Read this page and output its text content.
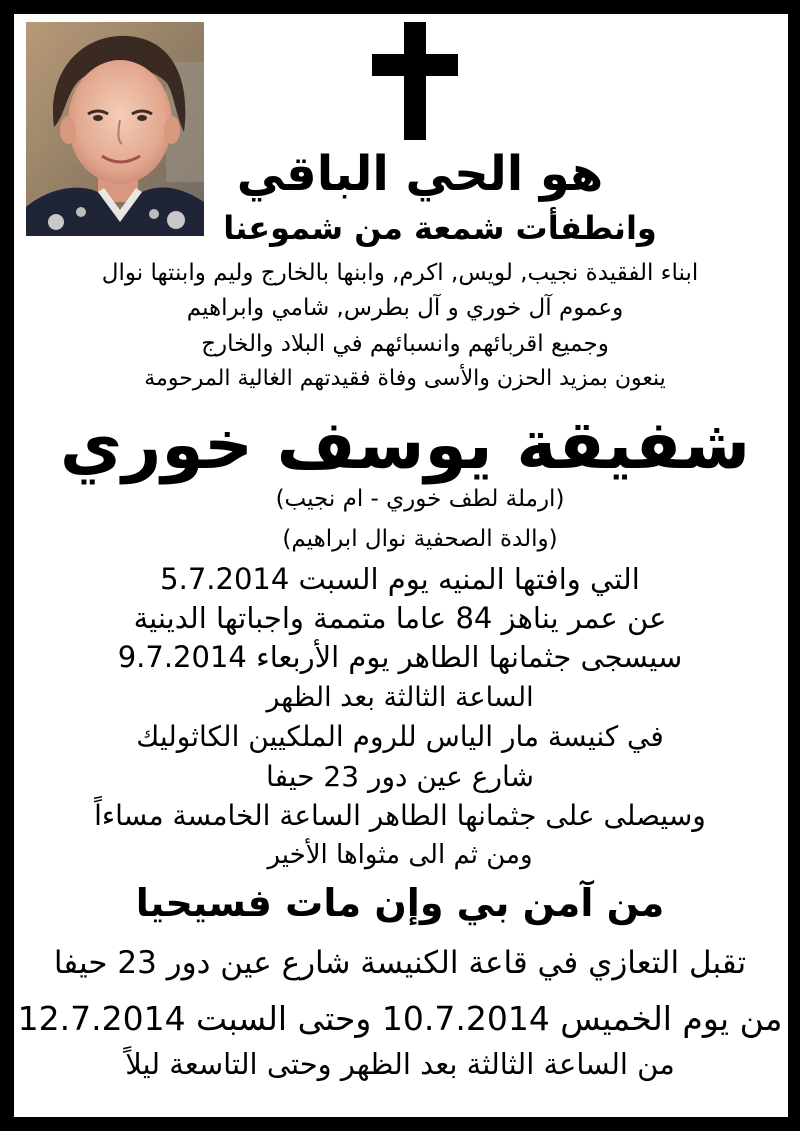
هو الحي الباقي
وانطفأت شمعة من شموعنا
ابناء الفقيدة نجيب, لويس, اكرم, وابنها بالخارج وليم وابنتها نوال
وعموم آل خوري و آل بطرس, شامي وابراهيم
وجميع اقربائهم وانسبائهم في البلاد والخارج
ينعون بمزيد الحزن والأسى وفاة فقيدتهم الغالية المرحومة
شفيقة يوسف خوري
(ارملة لطف خوري - ام نجيب)
(والدة الصحفية نوال ابراهيم)
التي وافتها المنيه يوم السبت 5.7.2014
عن عمر يناهز 84 عاما متممة واجباتها الدينية
سيسجى جثمانها الطاهر يوم الأربعاء 9.7.2014
الساعة الثالثة بعد الظهر
في كنيسة مار الياس للروم الملكيين الكاثوليك
شارع عين دور 23 حيفا
وسيصلى على جثمانها الطاهر الساعة الخامسة مساءاً
ومن ثم الى مثواها الأخير
من آمن بي وإن مات فسيحيا
تقبل التعازي في قاعة الكنيسة شارع عين دور 23 حيفا
من يوم الخميس 10.7.2014 وحتى السبت 12.7.2014
من الساعة الثالثة بعد الظهر وحتى التاسعة ليلاً
